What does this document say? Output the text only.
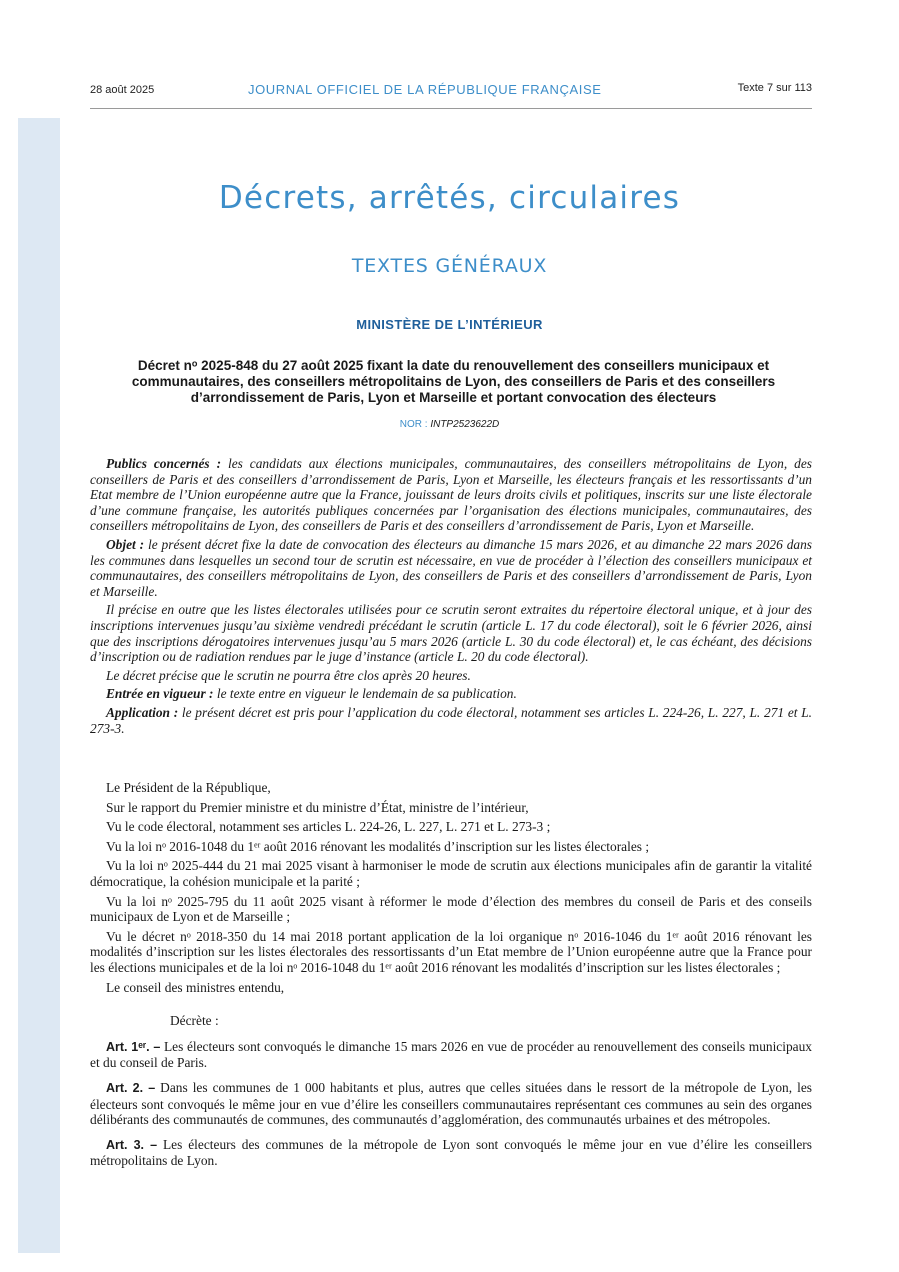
28 août 2025	JOURNAL OFFICIEL DE LA RÉPUBLIQUE FRANÇAISE	Texte 7 sur 113
Décrets, arrêtés, circulaires
TEXTES GÉNÉRAUX
MINISTÈRE DE L’INTÉRIEUR
Décret nᵒ 2025-848 du 27 août 2025 fixant la date du renouvellement des conseillers municipaux et communautaires, des conseillers métropolitains de Lyon, des conseillers de Paris et des conseillers d’arrondissement de Paris, Lyon et Marseille et portant convocation des électeurs
NOR : INTP2523622D

Publics concernés : les candidats aux élections municipales, communautaires, des conseillers métropolitains de Lyon, des conseillers de Paris et des conseillers d’arrondissement de Paris, Lyon et Marseille, les électeurs français et les ressortissants d’un Etat membre de l’Union européenne autre que la France, jouissant de leurs droits civils et politiques, inscrits sur une liste électorale d’une commune française, les autorités publiques concernées par l’organisation des élections municipales, communautaires, des conseillers métropolitains de Lyon, des conseillers de Paris et des conseillers d’arrondissement de Paris, Lyon et Marseille.

Objet : le présent décret fixe la date de convocation des électeurs au dimanche 15 mars 2026, et au dimanche 22 mars 2026 dans les communes dans lesquelles un second tour de scrutin est nécessaire, en vue de procéder à l’élection des conseillers municipaux et communautaires, des conseillers métropolitains de Lyon, des conseillers de Paris et des conseillers d’arrondissement de Paris, Lyon et Marseille.

Il précise en outre que les listes électorales utilisées pour ce scrutin seront extraites du répertoire électoral unique, et à jour des inscriptions intervenues jusqu’au sixième vendredi précédant le scrutin (article L. 17 du code électoral), soit le 6 février 2026, ainsi que des inscriptions dérogatoires intervenues jusqu’au 5 mars 2026 (article L. 30 du code électoral) et, le cas échéant, des décisions d’inscription ou de radiation rendues par le juge d’instance (article L. 20 du code électoral).

Le décret précise que le scrutin ne pourra être clos après 20 heures.

Entrée en vigueur : le texte entre en vigueur le lendemain de sa publication.

Application : le présent décret est pris pour l’application du code électoral, notamment ses articles L. 224-26, L. 227, L. 271 et L. 273-3.

Le Président de la République,

Sur le rapport du Premier ministre et du ministre d’État, ministre de l’intérieur,

Vu le code électoral, notamment ses articles L. 224-26, L. 227, L. 271 et L. 273-3 ;

Vu la loi nᵒ 2016-1048 du 1ᵉʳ août 2016 rénovant les modalités d’inscription sur les listes électorales ;

Vu la loi nᵒ 2025-444 du 21 mai 2025 visant à harmoniser le mode de scrutin aux élections municipales afin de garantir la vitalité démocratique, la cohésion municipale et la parité ;

Vu la loi nᵒ 2025-795 du 11 août 2025 visant à réformer le mode d’élection des membres du conseil de Paris et des conseils municipaux de Lyon et de Marseille ;

Vu le décret nᵒ 2018-350 du 14 mai 2018 portant application de la loi organique nᵒ 2016-1046 du 1ᵉʳ août 2016 rénovant les modalités d’inscription sur les listes électorales des ressortissants d’un Etat membre de l’Union européenne autre que la France pour les élections municipales et de la loi nᵒ 2016-1048 du 1ᵉʳ août 2016 rénovant les modalités d’inscription sur les listes électorales ;

Le conseil des ministres entendu,

Décrète :

Art. 1ᵉʳ. – Les électeurs sont convoqués le dimanche 15 mars 2026 en vue de procéder au renouvellement des conseils municipaux et du conseil de Paris.

Art. 2. – Dans les communes de 1 000 habitants et plus, autres que celles situées dans le ressort de la métropole de Lyon, les électeurs sont convoqués le même jour en vue d’élire les conseillers communautaires représentant ces communes au sein des organes délibérants des communautés de communes, des communautés d’agglomération, des communautés urbaines et des métropoles.

Art. 3. – Les électeurs des communes de la métropole de Lyon sont convoqués le même jour en vue d’élire les conseillers métropolitains de Lyon.
